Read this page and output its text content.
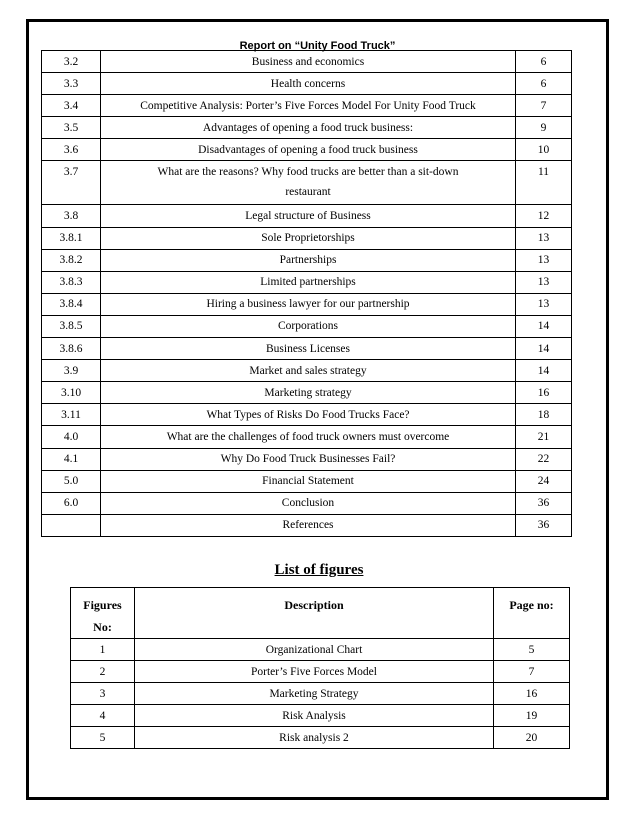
Report on “Unity Food Truck”
3.2	Business and economics	6
3.3	Health concerns	6
3.4	Competitive Analysis: Porter’s Five Forces Model For Unity Food Truck	7
3.5	Advantages of opening a food truck business:	9
3.6	Disadvantages of opening a food truck business	10
3.7	What are the reasons? Why food trucks are better than a sit-down
restaurant	11
3.8	Legal structure of Business	12
3.8.1	Sole Proprietorships	13
3.8.2	Partnerships	13
3.8.3	Limited partnerships	13
3.8.4	Hiring a business lawyer for our partnership	13
3.8.5	Corporations	14
3.8.6	Business Licenses	14
3.9	Market and sales strategy	14
3.10	Marketing strategy	16
3.11	What Types of Risks Do Food Trucks Face?	18
4.0	What are the challenges of food truck owners must overcome	21
4.1	Why Do Food Truck Businesses Fail?	22
5.0	Financial Statement	24
6.0	Conclusion	36
	References	36
List of figures
Figures
No:	Description	Page no:
1	Organizational Chart	5
2	Porter’s Five Forces Model	7
3	Marketing Strategy	16
4	Risk Analysis	19
5	Risk analysis 2	20
